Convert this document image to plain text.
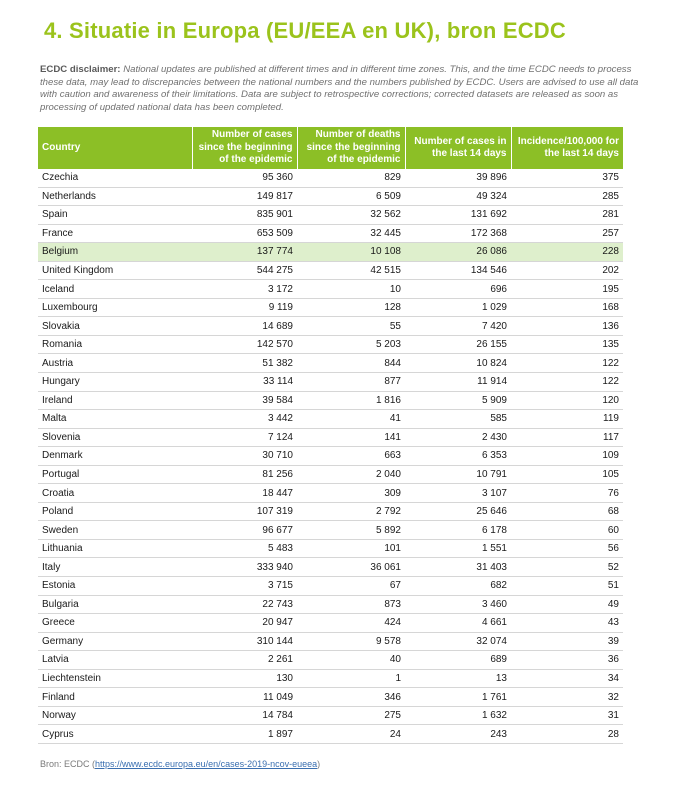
4. Situatie in Europa (EU/EEA en UK), bron ECDC
ECDC disclaimer: National updates are published at different times and in different time zones. This, and the time ECDC needs to process these data, may lead to discrepancies between the national numbers and the numbers published by ECDC. Users are advised to use all data with caution and awareness of their limitations. Data are subject to retrospective corrections; corrected datasets are released as soon as processing of updated national data has been completed.
Country	Number of cases since the beginning of the epidemic	Number of deaths since the beginning of the epidemic	Number of cases in the last 14 days	Incidence/100,000 for the last 14 days
Czechia	95 360	829	39 896	375
Netherlands	149 817	6 509	49 324	285
Spain	835 901	32 562	131 692	281
France	653 509	32 445	172 368	257
Belgium	137 774	10 108	26 086	228
United Kingdom	544 275	42 515	134 546	202
Iceland	3 172	10	696	195
Luxembourg	9 119	128	1 029	168
Slovakia	14 689	55	7 420	136
Romania	142 570	5 203	26 155	135
Austria	51 382	844	10 824	122
Hungary	33 114	877	11 914	122
Ireland	39 584	1 816	5 909	120
Malta	3 442	41	585	119
Slovenia	7 124	141	2 430	117
Denmark	30 710	663	6 353	109
Portugal	81 256	2 040	10 791	105
Croatia	18 447	309	3 107	76
Poland	107 319	2 792	25 646	68
Sweden	96 677	5 892	6 178	60
Lithuania	5 483	101	1 551	56
Italy	333 940	36 061	31 403	52
Estonia	3 715	67	682	51
Bulgaria	22 743	873	3 460	49
Greece	20 947	424	4 661	43
Germany	310 144	9 578	32 074	39
Latvia	2 261	40	689	36
Liechtenstein	130	1	13	34
Finland	11 049	346	1 761	32
Norway	14 784	275	1 632	31
Cyprus	1 897	24	243	28
Bron: ECDC (https://www.ecdc.europa.eu/en/cases-2019-ncov-eueea)
